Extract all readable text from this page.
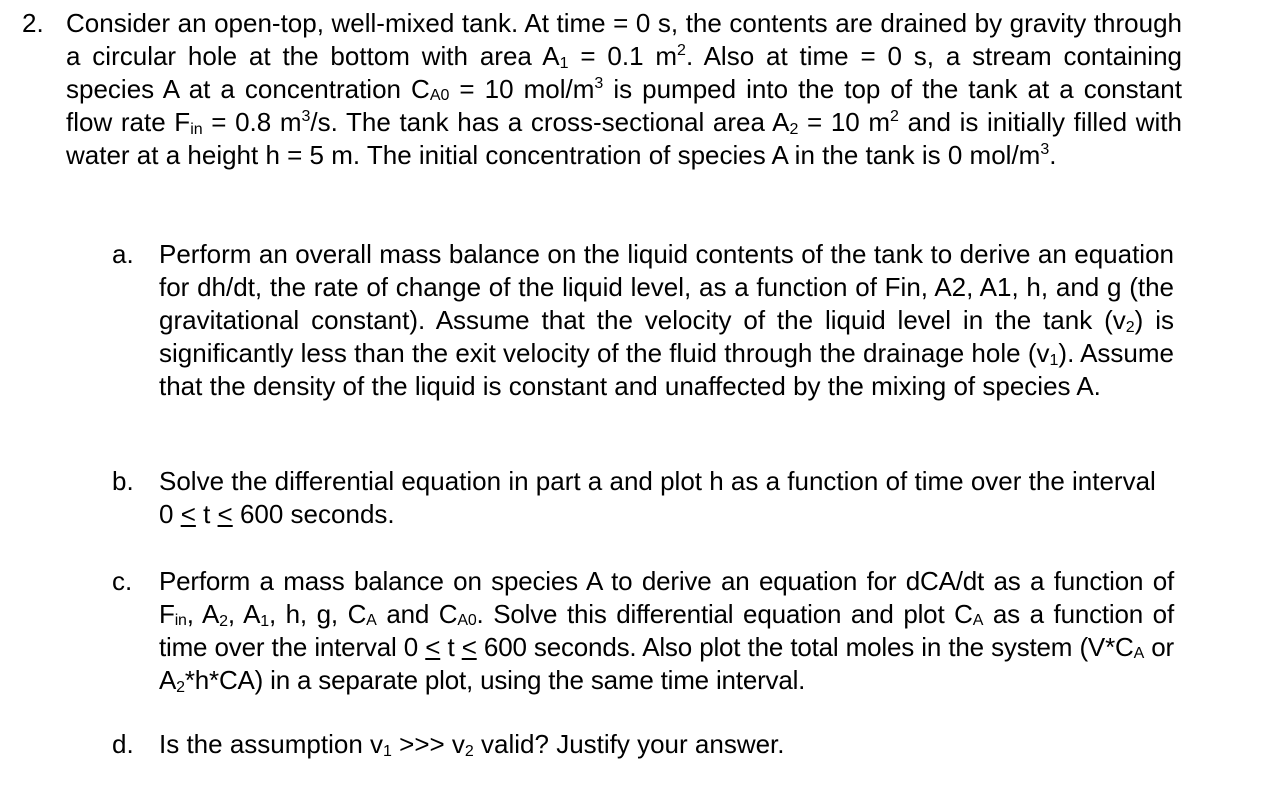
2. Consider an open-top, well-mixed tank. At time = 0 s, the contents are drained by gravity through a circular hole at the bottom with area $A_1 = 0.1$ $m^2$. Also at time = 0 s, a stream containing species A at a concentration $C_{A0} = 10$ mol/$m^3$ is pumped into the top of the tank at a constant flow rate $F_{in} = 0.8$ $m^3/s$. The tank has a cross-sectional area $A_2 = 10$ $m^2$ and is initially filled with water at a height h = 5 m. The initial concentration of species A in the tank is 0 mol/$m^3$.
a. Perform an overall mass balance on the liquid contents of the tank to derive an equation for dh/dt, the rate of change of the liquid level, as a function of Fin, A2, A1, h, and g (the gravitational constant). Assume that the velocity of the liquid level in the tank $(v_2)$ is significantly less than the exit velocity of the fluid through the drainage hole $(v_1)$. Assume that the density of the liquid is constant and unaffected by the mixing of species A.
b. Solve the differential equation in part a and plot h as a function of time over the interval 0 ≤ t ≤ 600 seconds.
c.	Perform a mass balance on species A to derive an equation for dCA/dt as a function of $F_{in}$, $A_2$, $A_1$, h, g, $C_A$ and $C_{A0}$. Solve this differential equation and plot $C_A$ as a function of time over the interval 0 ≤ t ≤ 600 seconds. Also plot the total moles in the system ($V*C_A$ or $A_2*h*CA$) in a separate plot, using the same time interval.
d. Is the assumption $v_1$ >>> $v_2$ valid? Justify your answer.
